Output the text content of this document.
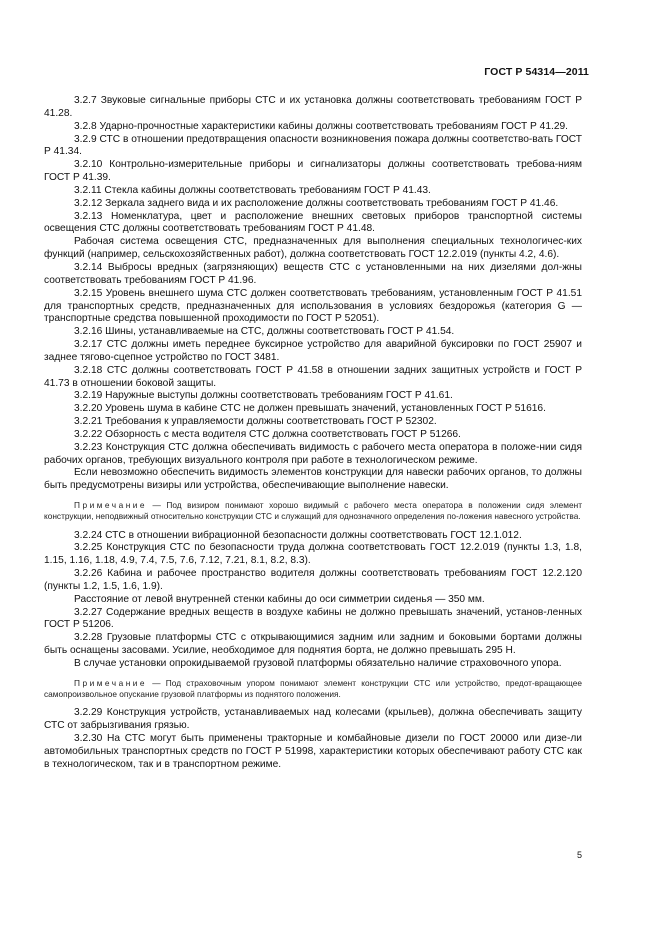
ГОСТ Р 54314—2011

3.2.7 Звуковые сигнальные приборы СТС и их установка должны соответствовать требованиям ГОСТ Р 41.28.

3.2.8 Ударно-прочностные характеристики кабины должны соответствовать требованиям ГОСТ Р 41.29.

3.2.9 СТС в отношении предотвращения опасности возникновения пожара должны соответство-вать ГОСТ Р 41.34.

3.2.10 Контрольно-измерительные приборы и сигнализаторы должны соответствовать требова-ниям ГОСТ Р 41.39.

3.2.11 Стекла кабины должны соответствовать требованиям ГОСТ Р 41.43.

3.2.12 Зеркала заднего вида и их расположение должны соответствовать требованиям ГОСТ Р 41.46.

3.2.13 Номенклатура, цвет и расположение внешних световых приборов транспортной системы освещения СТС должны соответствовать требованиям ГОСТ Р 41.48.

Рабочая система освещения СТС, предназначенных для выполнения специальных технологичес-ких функций (например, сельскохозяйственных работ), должна соответствовать ГОСТ 12.2.019 (пункты 4.2, 4.6).

3.2.14 Выбросы вредных (загрязняющих) веществ СТС с установленными на них дизелями дол-жны соответствовать требованиям ГОСТ Р 41.96.

3.2.15 Уровень внешнего шума СТС должен соответствовать требованиям, установленным ГОСТ Р 41.51 для транспортных средств, предназначенных для использования в условиях бездорожья (категория G — транспортные средства повышенной проходимости по ГОСТ Р 52051).

3.2.16 Шины, устанавливаемые на СТС, должны соответствовать ГОСТ Р 41.54.

3.2.17 СТС должны иметь переднее буксирное устройство для аварийной буксировки по ГОСТ 25907 и заднее тягово-сцепное устройство по ГОСТ 3481.

3.2.18 СТС должны соответствовать ГОСТ Р 41.58 в отношении задних защитных устройств и ГОСТ Р 41.73 в отношении боковой защиты.

3.2.19 Наружные выступы должны соответствовать требованиям ГОСТ Р 41.61.

3.2.20 Уровень шума в кабине СТС не должен превышать значений, установленных ГОСТ Р 51616.

3.2.21 Требования к управляемости должны соответствовать ГОСТ Р 52302.

3.2.22 Обзорность с места водителя СТС должна соответствовать ГОСТ Р 51266.

3.2.23 Конструкция СТС должна обеспечивать видимость с рабочего места оператора в положе-нии сидя рабочих органов, требующих визуального контроля при работе в технологическом режиме.

Если невозможно обеспечить видимость элементов конструкции для навески рабочих органов, то должны быть предусмотрены визиры или устройства, обеспечивающие выполнение навески.

Примечание — Под визиром понимают хорошо видимый с рабочего места оператора в положении сидя элемент конструкции, неподвижный относительно конструкции СТС и служащий для однозначного определения по-ложения навесного устройства.

3.2.24 СТС в отношении вибрационной безопасности должны соответствовать ГОСТ 12.1.012.

3.2.25 Конструкция СТС по безопасности труда должна соответствовать ГОСТ 12.2.019 (пункты 1.3, 1.8, 1.15, 1.16, 1.18, 4.9, 7.4, 7.5, 7.6, 7.12, 7.21, 8.1, 8.2, 8.3).

3.2.26 Кабина и рабочее пространство водителя должны соответствовать требованиям ГОСТ 12.2.120 (пункты 1.2, 1.5, 1.6, 1.9).

Расстояние от левой внутренней стенки кабины до оси симметрии сиденья — 350 мм.

3.2.27 Содержание вредных веществ в воздухе кабины не должно превышать значений, установ-ленных ГОСТ Р 51206.

3.2.28 Грузовые платформы СТС с открывающимися задним или задним и боковыми бортами должны быть оснащены засовами. Усилие, необходимое для поднятия борта, не должно превышать 295 Н.

В случае установки опрокидываемой грузовой платформы обязательно наличие страховочного упора.

Примечание — Под страховочным упором понимают элемент конструкции СТС или устройство, предот-вращающее самопроизвольное опускание грузовой платформы из поднятого положения.

3.2.29 Конструкция устройств, устанавливаемых над колесами (крыльев), должна обеспечивать защиту СТС от забрызгивания грязью.

3.2.30 На СТС могут быть применены тракторные и комбайновые дизели по ГОСТ 20000 или дизе-ли автомобильных транспортных средств по ГОСТ Р 51998, характеристики которых обеспечивают работу СТС как в технологическом, так и в транспортном режиме.

5
